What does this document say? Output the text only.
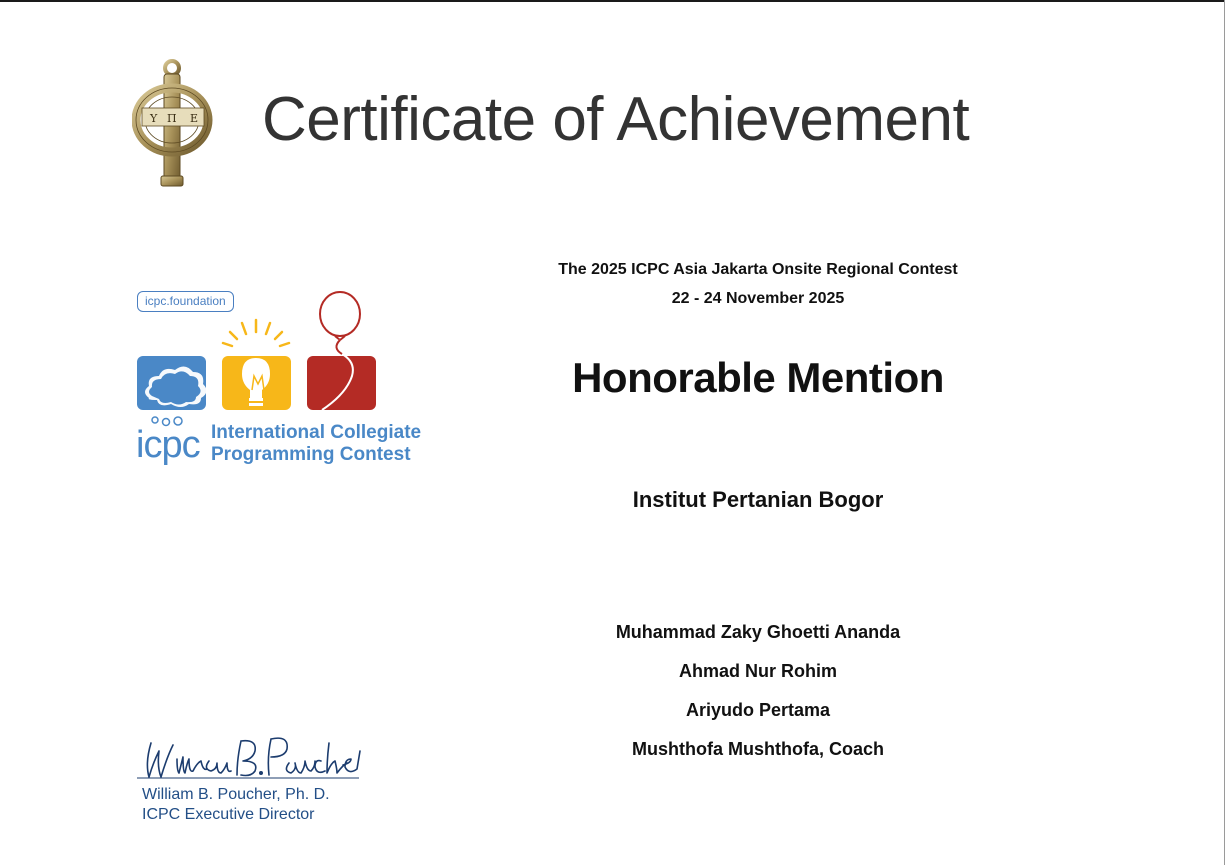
Υ Π Ε Certificate of Achievement
icpc.foundation
icpc International Collegiate
Programming Contest
The 2025 ICPC Asia Jakarta Onsite Regional Contest
22 - 24 November 2025
Honorable Mention
Institut Pertanian Bogor
Muhammad Zaky Ghoetti Ananda
Ahmad Nur Rohim
Ariyudo Pertama
Mushthofa Mushthofa, Coach
William B. Poucher, Ph. D.
ICPC Executive Director
